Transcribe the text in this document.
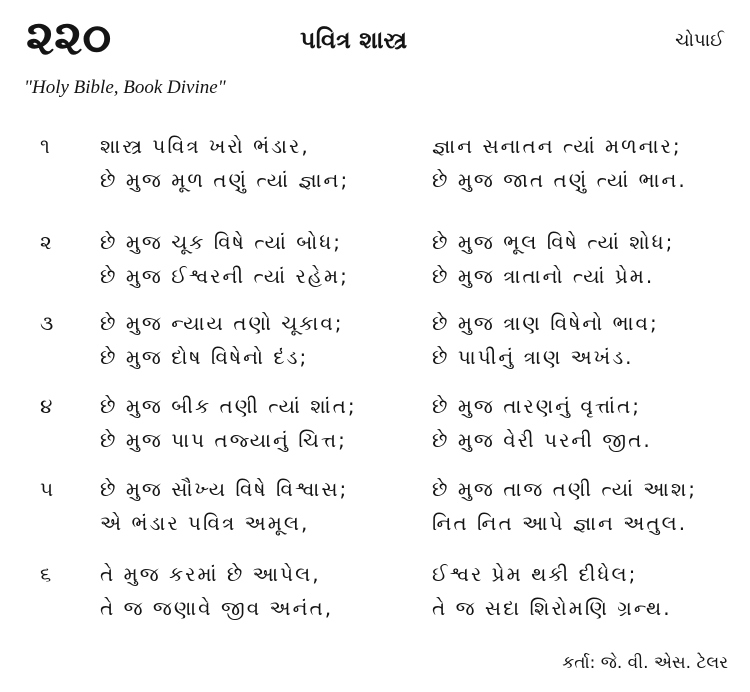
૨૨૦	પવિત્ર શાસ્ત્ર	ચોપાઈ
"Holy Bible, Book Divine"
૧	શાસ્ત્ર પવિત્ર ખરો ભંડાર,	જ્ઞાન સનાતન ત્યાં મળનાર;
છે મુજ મૂળ તણું ત્યાં જ્ઞાન;	છે મુજ જાત તણું ત્યાં ભાન.
૨ છે મુજ ચૂક વિષે ત્યાં બોધ;	છે મુજ ભૂલ વિષે ત્યાં શોધ;
છે મુજ ઈશ્વરની ત્યાં રહેમ;	છે મુજ ત્રાતાનો ત્યાં પ્રેમ.
૩ છે મુજ ન્યાય તણો ચૂકાવ;	છે મુજ ત્રાણ વિષેનો ભાવ;
છે મુજ દોષ વિષેનો દંડ;	છે પાપીનું ત્રાણ અખંડ.
૪ છે મુજ બીક તણી ત્યાં શાંત;	છે મુજ તારણનું વૃત્તાંત;
છે મુજ પાપ તજ્યાનું ચિત્ત;	છે મુજ વેરી પરની જીત.
૫ છે મુજ સૌખ્ય વિષે વિશ્વાસ;	છે મુજ તાજ તણી ત્યાં આશ;
એ ભંડાર પવિત્ર અમૂલ,	નિત નિત આપે જ્ઞાન અતુલ.
૬ તે મુજ કરમાં છે આપેલ,	ઈશ્વર પ્રેમ થકી દીધેલ;
તે જ જણાવે જીવ અનંત,	તે જ સદા શિરોમણિ ગ્રન્થ.
કર્તા: જે. વી. એસ. ટેલર
